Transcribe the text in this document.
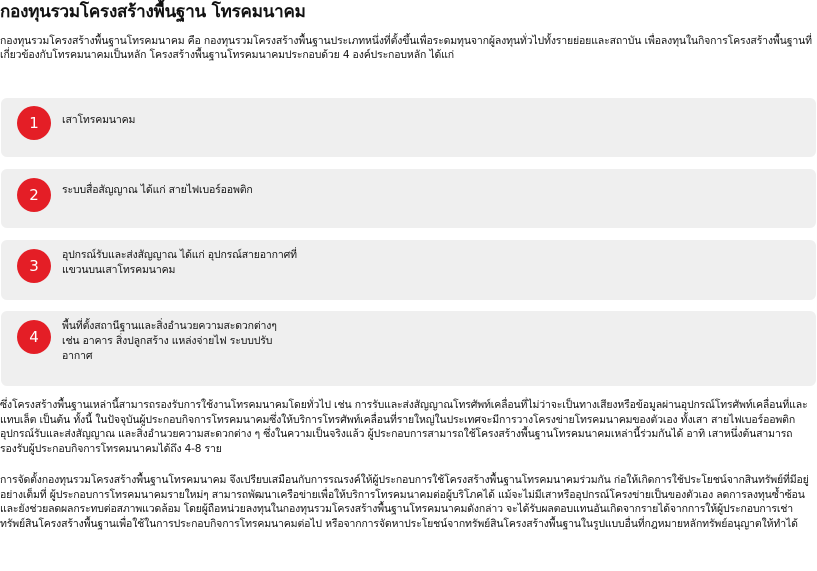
กองทุนรวมโครงสร้างพื้นฐาน โทรคมนาคม

กองทุนรวมโครงสร้างพื้นฐานโทรคมนาคม คือ กองทุนรวมโครงสร้างพื้นฐานประเภทหนึ่งที่ตั้งขึ้นเพื่อระดมทุนจากผู้ลงทุนทั่วไปทั้งรายย่อยและสถาบัน เพื่อลงทุนในกิจการโครงสร้างพื้นฐานที่เกี่ยวข้องกับโทรคมนาคมเป็นหลัก โครงสร้างพื้นฐานโทรคมนาคมประกอบด้วย 4 องค์ประกอบหลัก ได้แก่

1	เสาโทรคมนาคม

2	ระบบสื่อสัญญาณ ได้แก่ สายไฟเบอร์ออพติก

3

อุปกรณ์รับและส่งสัญญาณ ได้แก่ อุปกรณ์สายอากาศที่แขวนบนเสาโทรคมนาคม

4

พื้นที่ตั้งสถานีฐานและสิ่งอำนวยความสะดวกต่างๆ เช่น อาคาร สิ่งปลูกสร้าง แหล่งจ่ายไฟ ระบบปรับอากาศ

ซึ่งโครงสร้างพื้นฐานเหล่านี้สามารถรองรับการใช้งานโทรคมนาคมโดยทั่วไป เช่น การรับและส่งสัญญาณโทรศัพท์เคลื่อนที่ไม่ว่าจะเป็นทางเสียงหรือข้อมูลผ่านอุปกรณ์โทรศัพท์เคลื่อนที่และแทบเล็ต เป็นต้น ทั้งนี้ ในปัจจุบันผู้ประกอบกิจการโทรคมนาคมซึ่งให้บริการโทรศัพท์เคลื่อนที่รายใหญ่ในประเทศจะมีการวางโครงข่ายโทรคมนาคมของตัวเอง ทั้งเสา สายไฟเบอร์ออพติก อุปกรณ์รับและส่งสัญญาณ และสิ่งอำนวยความสะดวกต่าง ๆ ซึ่งในความเป็นจริงแล้ว ผู้ประกอบการสามารถใช้โครงสร้างพื้นฐานโทรคมนาคมเหล่านี้ร่วมกันได้ อาทิ เสาหนึ่งต้นสามารถรองรับผู้ประกอบกิจการโทรคมนาคมได้ถึง 4-8 ราย

การจัดตั้งกองทุนรวมโครงสร้างพื้นฐานโทรคมนาคม จึงเปรียบเสมือนกับการรณรงค์ให้ผู้ประกอบการใช้โครงสร้างพื้นฐานโทรคมนาคมร่วมกัน ก่อให้เกิดการใช้ประโยชน์จากสินทรัพย์ที่มีอยู่อย่างเต็มที่ ผู้ประกอบการโทรคมนาคมรายใหม่ๆ สามารถพัฒนาเครือข่ายเพื่อให้บริการโทรคมนาคมต่อผู้บริโภคได้ แม้จะไม่มีเสาหรืออุปกรณ์โครงข่ายเป็นของตัวเอง ลดการลงทุนซ้ำซ้อนและยังช่วยลดผลกระทบต่อสภาพแวดล้อม โดยผู้ถือหน่วยลงทุนในกองทุนรวมโครงสร้างพื้นฐานโทรคมนาคมดังกล่าว จะได้รับผลตอบแทนอันเกิดจากรายได้จากการให้ผู้ประกอบการเช่าทรัพย์สินโครงสร้างพื้นฐานเพื่อใช้ในการประกอบกิจการโทรคมนาคมต่อไป หรือจากการจัดหาประโยชน์จากทรัพย์สินโครงสร้างพื้นฐานในรูปแบบอื่นที่กฎหมายหลักทรัพย์อนุญาตให้ทำได้
